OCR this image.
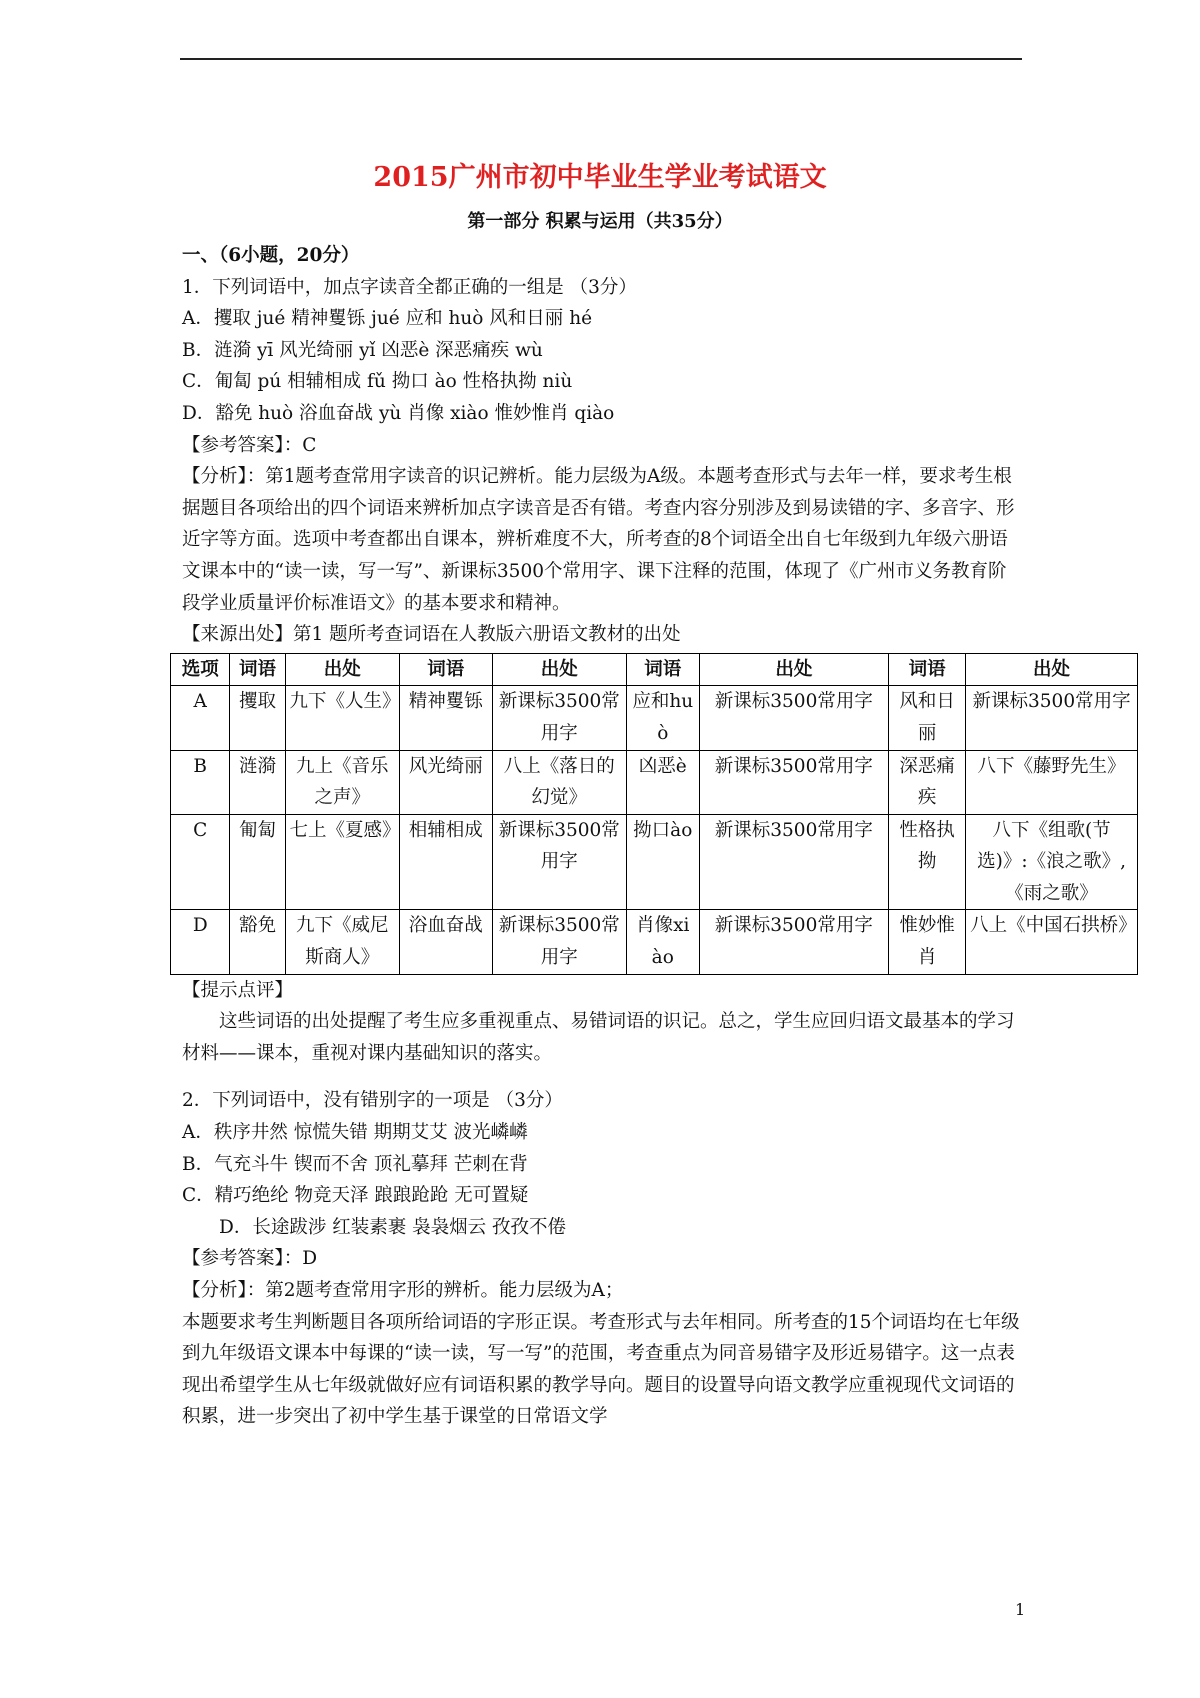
2015广州市初中毕业生学业考试语文
第一部分 积累与运用（共35分）

一、（6小题，20分）

1．下列词语中，加点字读音全都正确的一组是 （3分）

A．攫取 jué 精神矍铄 jué 应和 huò 风和日丽 hé

B．涟漪 yī 风光绮丽 yǐ 凶恶è 深恶痛疾 wù

C．匍匐 pú 相辅相成 fǔ 拗口 ào 性格执拗 niù

D．豁免 huò 浴血奋战 yù 肖像 xiào 惟妙惟肖 qiào

【参考答案】：C

【分析】：第1题考查常用字读音的识记辨析。能力层级为A级。本题考查形式与去年一样，要求考生根据题目各项给出的四个词语来辨析加点字读音是否有错。考查内容分别涉及到易读错的字、多音字、形近字等方面。选项中考查都出自课本，辨析难度不大，所考查的8个词语全出自七年级到九年级六册语文课本中的“读一读，写一写”、新课标3500个常用字、课下注释的范围，体现了《广州市义务教育阶段学业质量评价标准语文》的基本要求和精神。

【来源出处】第1 题所考查词语在人教版六册语文教材的出处

选项	词语	出处	词语	出处	词语	出处	词语	出处
A	攫取	九下《人生》	精神矍铄	新课标3500常用字	应和huò	新课标3500常用字	风和日丽	新课标3500常用字
B	涟漪	九上《音乐之声》	风光绮丽	八上《落日的幻觉》	凶恶è	新课标3500常用字	深恶痛疾	八下《藤野先生》
C	匍匐	七上《夏感》	相辅相成	新课标3500常用字	拗口ào	新课标3500常用字	性格执拗	八下《组歌(节选)》:《浪之歌》,《雨之歌》
D	豁免	九下《威尼斯商人》	浴血奋战	新课标3500常用字	肖像xiào	新课标3500常用字	惟妙惟肖	八上《中国石拱桥》

【提示点评】

这些词语的出处提醒了考生应多重视重点、易错词语的识记。总之，学生应回归语文最基本的学习材料——课本，重视对课内基础知识的落实。

2．下列词语中，没有错别字的一项是 （3分）

A．秩序井然 惊慌失错 期期艾艾 波光嶙嶙

B．气充斗牛 锲而不舍 顶礼摹拜 芒刺在背

C．精巧绝纶 物竞天泽 踉踉跄跄 无可置疑

D．长途跋涉 红装素裹 袅袅烟云 孜孜不倦

【参考答案】：D

【分析】：第2题考查常用字形的辨析。能力层级为A；

本题要求考生判断题目各项所给词语的字形正误。考查形式与去年相同。所考查的15个词语均在七年级到九年级语文课本中每课的“读一读，写一写”的范围，考查重点为同音易错字及形近易错字。这一点表现出希望学生从七年级就做好应有词语积累的教学导向。题目的设置导向语文教学应重视现代文词语的积累，进一步突出了初中学生基于课堂的日常语文学

1
